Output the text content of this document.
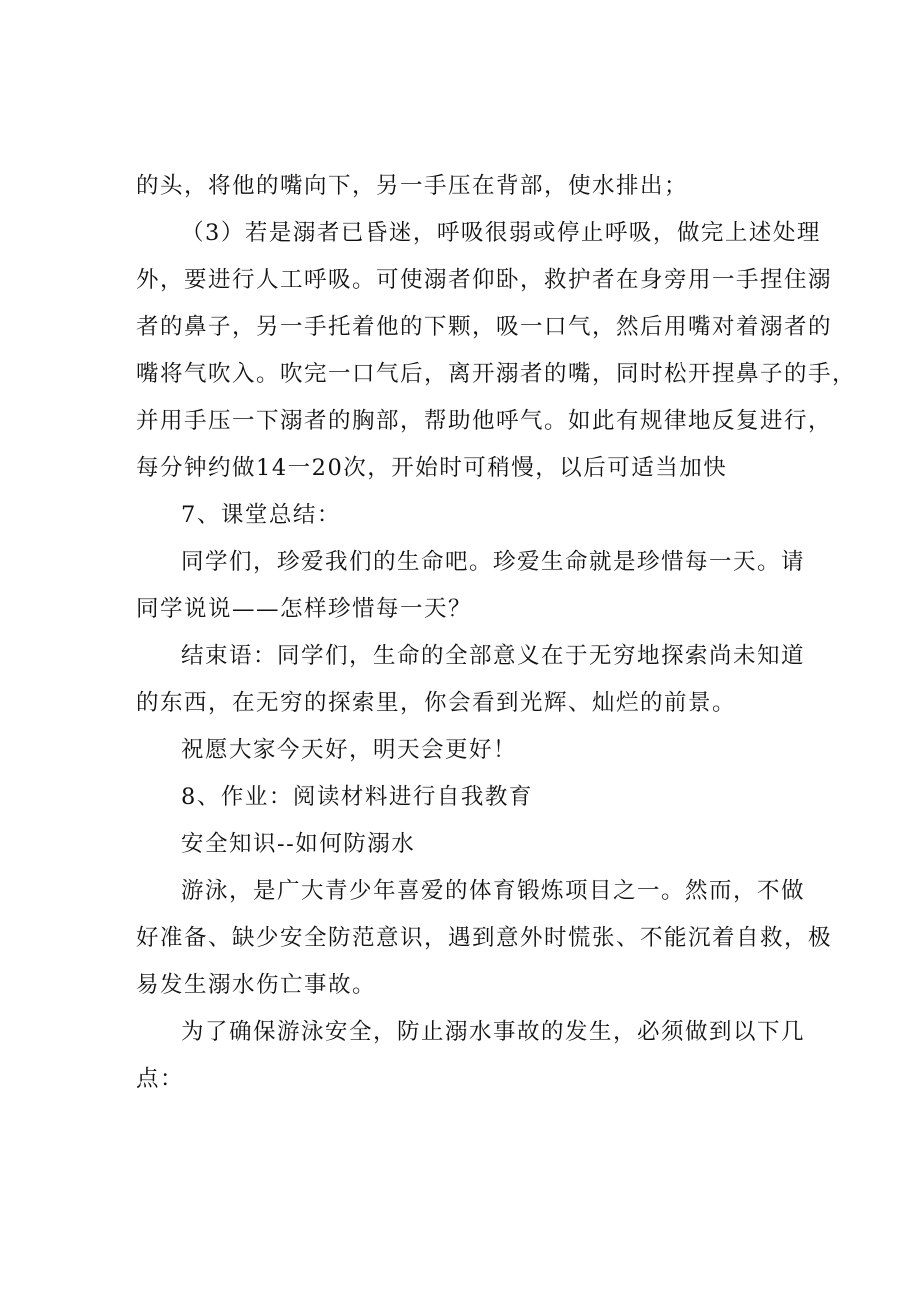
的头，将他的嘴向下，另一手压在背部，使水排出；
（3）若是溺者已昏迷，呼吸很弱或停止呼吸，做完上述处理
外，要进行人工呼吸。可使溺者仰卧，救护者在身旁用一手捏住溺
者的鼻子，另一手托着他的下颗，吸一口气，然后用嘴对着溺者的
嘴将气吹入。吹完一口气后，离开溺者的嘴，同时松开捏鼻子的手，
并用手压一下溺者的胸部，帮助他呼气。如此有规律地反复进行，
每分钟约做14一20次，开始时可稍慢，以后可适当加快
7、课堂总结：
同学们，珍爱我们的生命吧。珍爱生命就是珍惜每一天。请
同学说说——怎样珍惜每一天？
结束语：同学们，生命的全部意义在于无穷地探索尚未知道
的东西，在无穷的探索里，你会看到光辉、灿烂的前景。
祝愿大家今天好，明天会更好！
8、作业：阅读材料进行自我教育
安全知识--如何防溺水
游泳，是广大青少年喜爱的体育锻炼项目之一。然而，不做
好准备、缺少安全防范意识，遇到意外时慌张、不能沉着自救，极
易发生溺水伤亡事故。
为了确保游泳安全，防止溺水事故的发生，必须做到以下几
点：
